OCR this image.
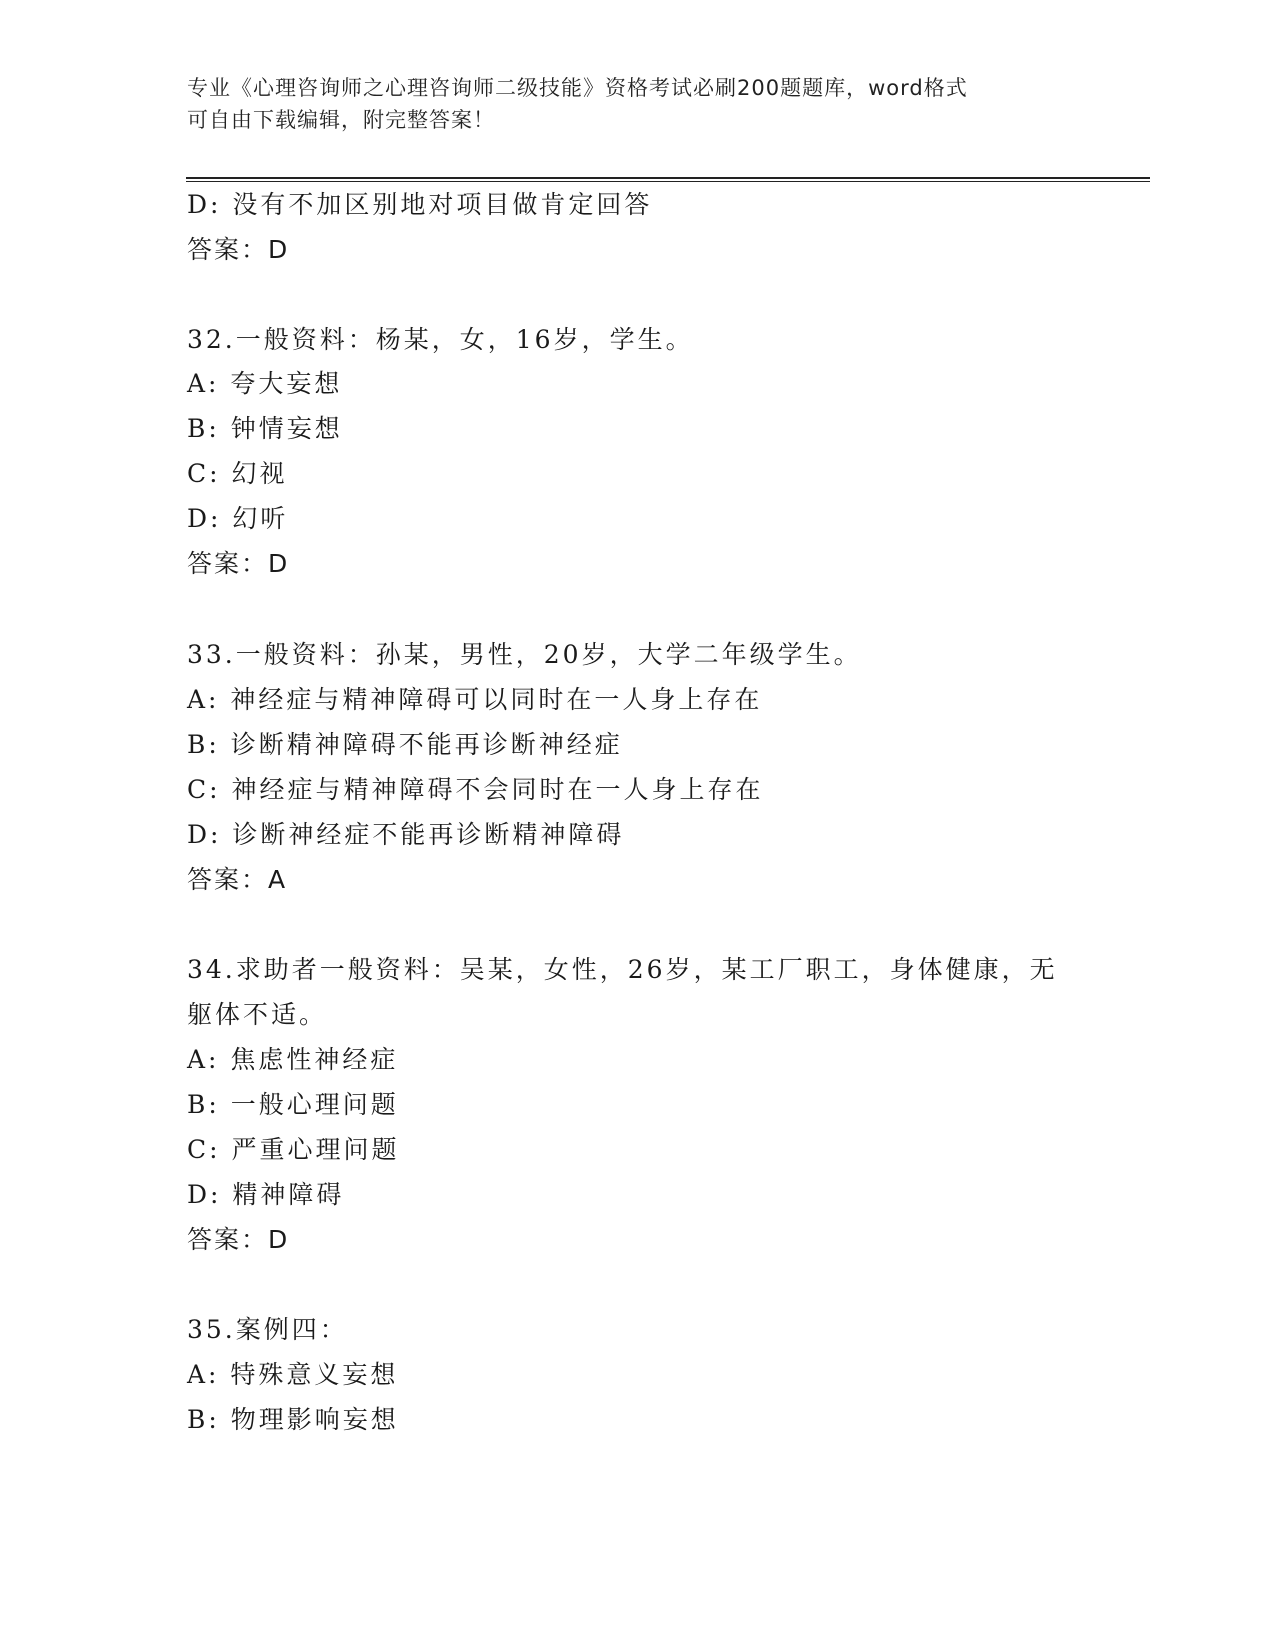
专业《心理咨询师之心理咨询师二级技能》资格考试必刷200题题库，word格式
可自由下载编辑，附完整答案！
D: 没有不加区别地对项目做肯定回答
答案：D
32.一般资料：杨某，女，16岁，学生。
A: 夸大妄想
B: 钟情妄想
C: 幻视
D: 幻听
答案：D
33.一般资料：孙某，男性，20岁，大学二年级学生。
A: 神经症与精神障碍可以同时在一人身上存在
B: 诊断精神障碍不能再诊断神经症
C: 神经症与精神障碍不会同时在一人身上存在
D: 诊断神经症不能再诊断精神障碍
答案：A
34.求助者一般资料：吴某，女性，26岁，某工厂职工，身体健康，无
躯体不适。
A: 焦虑性神经症
B: 一般心理问题
C: 严重心理问题
D: 精神障碍
答案：D
35.案例四：
A: 特殊意义妄想
B: 物理影响妄想
